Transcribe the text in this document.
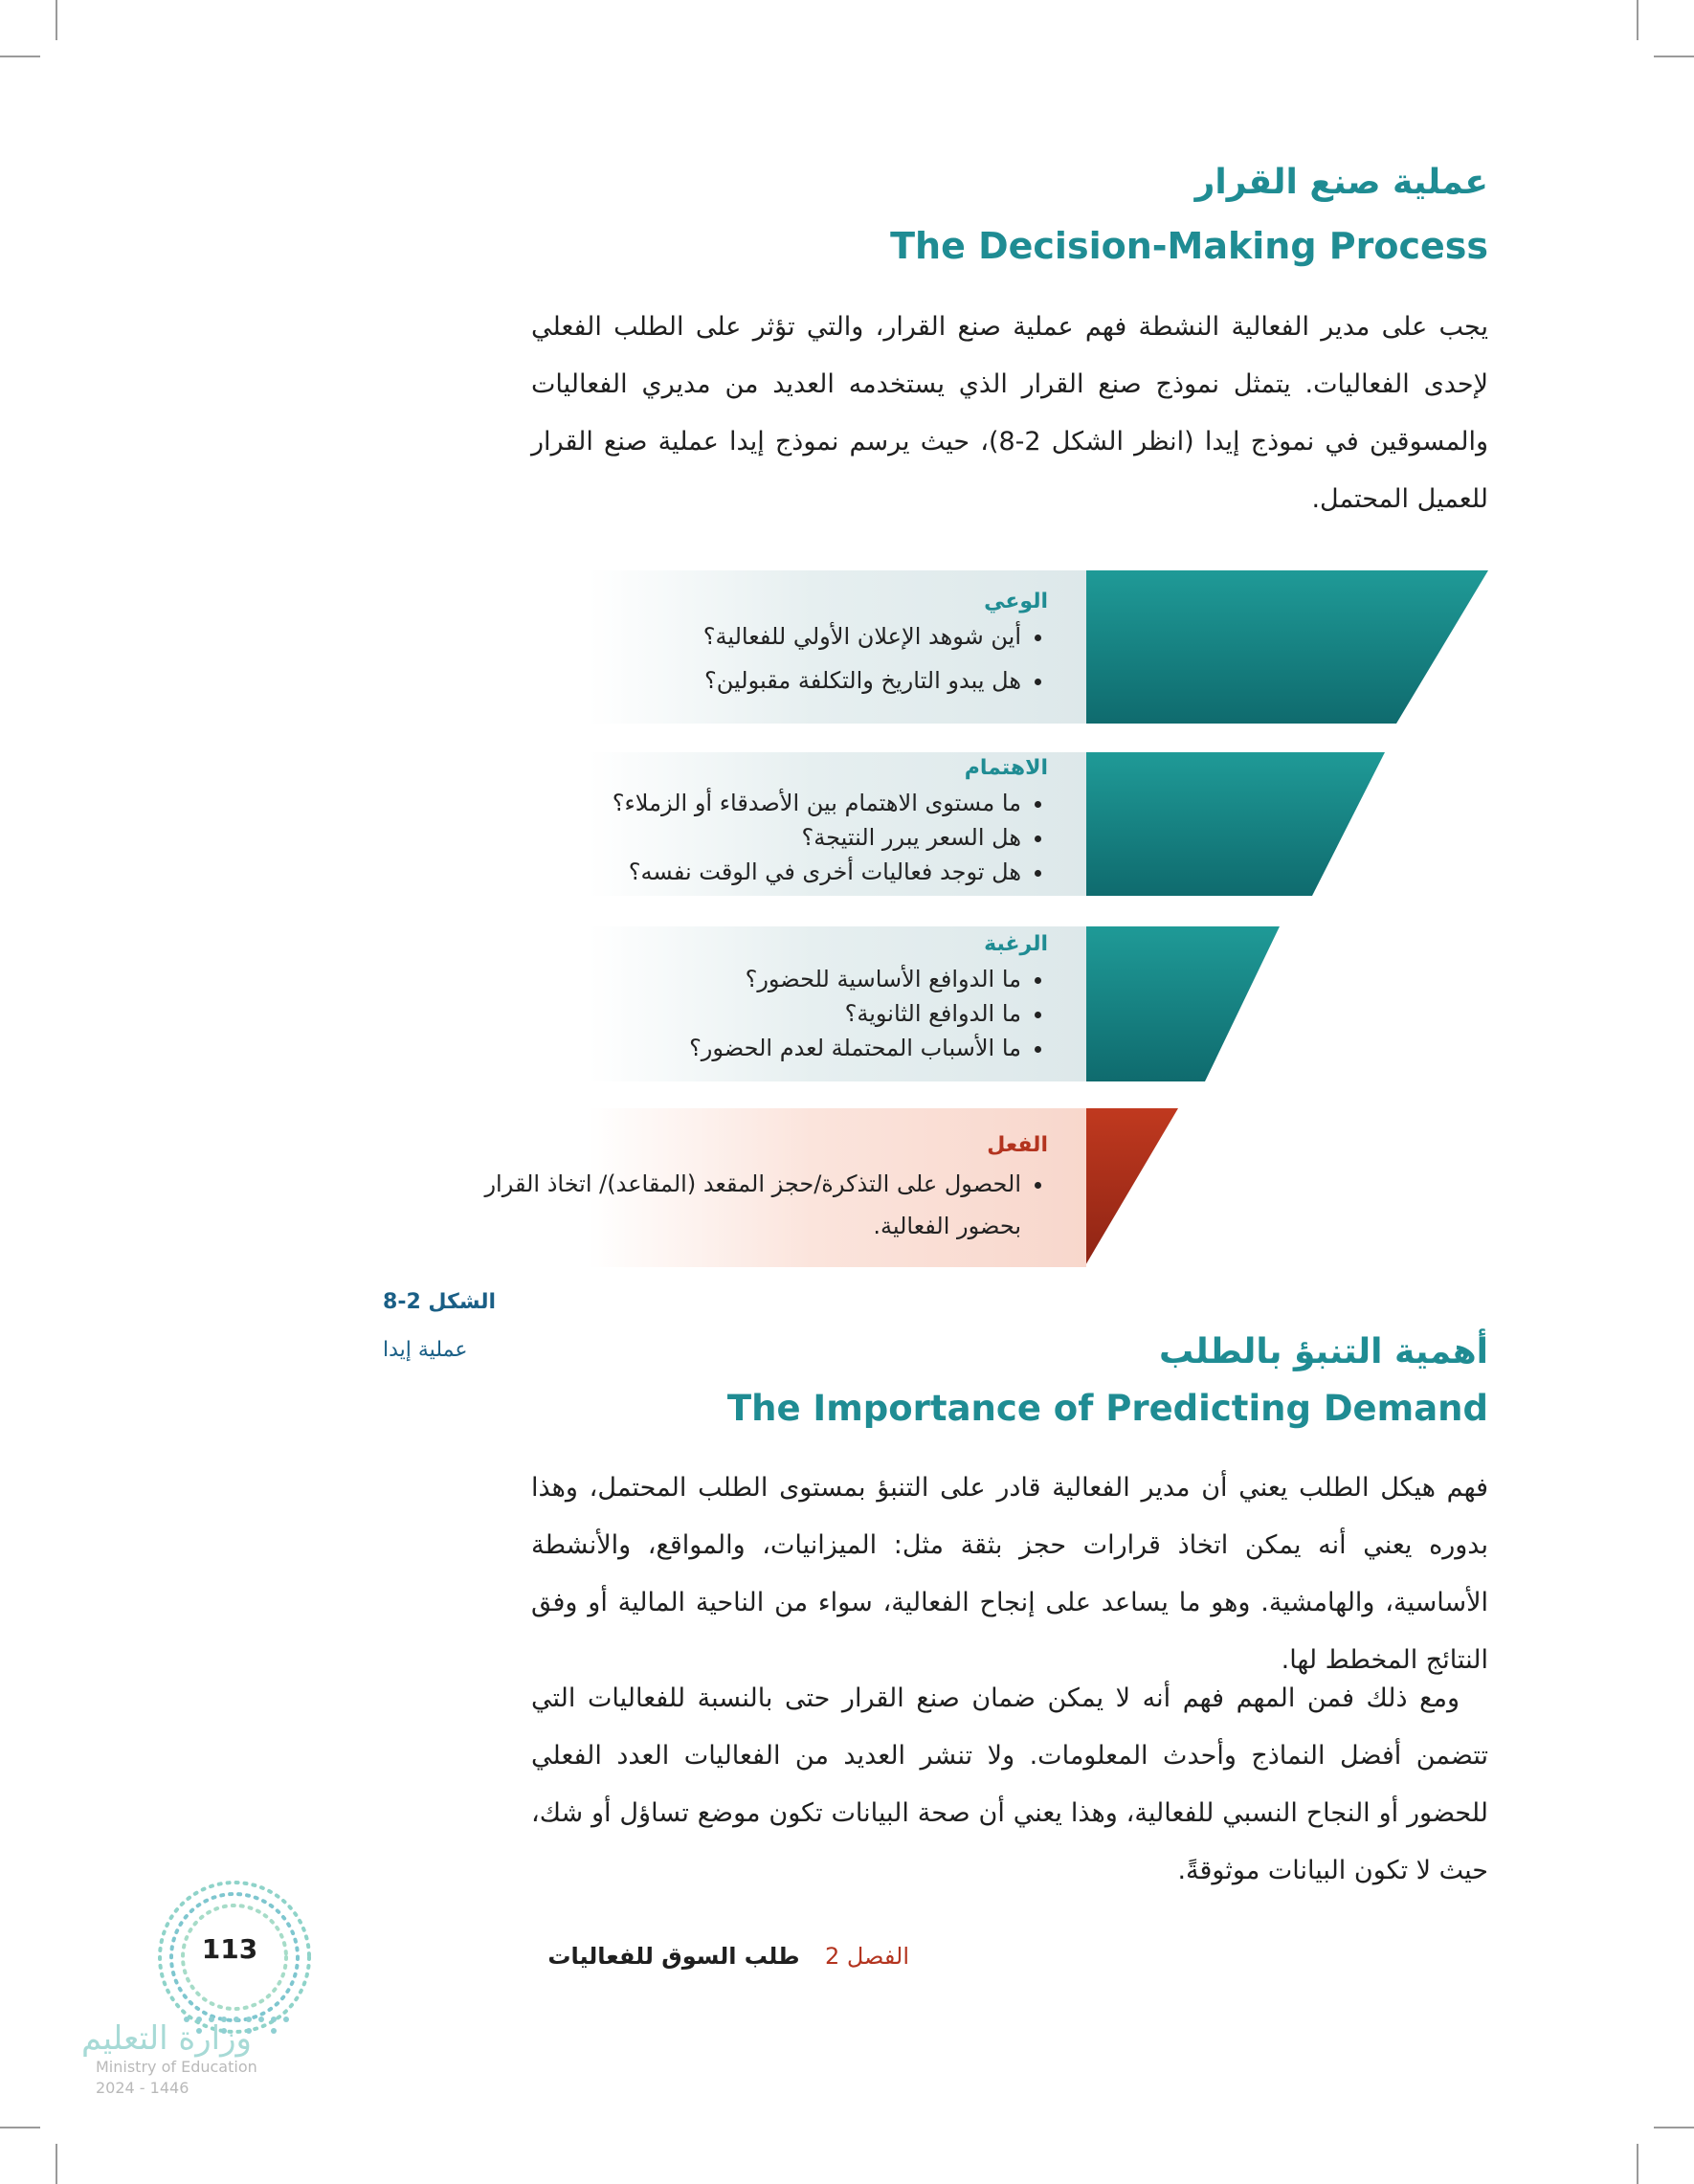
عملية صنع القرار
The Decision-Making Process

يجب على مدير الفعالية النشطة فهم عملية صنع القرار، والتي تؤثر على الطلب الفعلي لإحدى الفعاليات. يتمثل نموذج صنع القرار الذي يستخدمه العديد من مديري الفعاليات والمسوقين في نموذج إيدا (انظر الشكل 2-8)، حيث يرسم نموذج إيدا عملية صنع القرار للعميل المحتمل.

الوعي
• أين شوهد الإعلان الأولي للفعالية؟
• هل يبدو التاريخ والتكلفة مقبولين؟
الاهتمام
• ما مستوى الاهتمام بين الأصدقاء أو الزملاء؟
• هل السعر يبرر النتيجة؟
• هل توجد فعاليات أخرى في الوقت نفسه؟
الرغبة
• ما الدوافع الأساسية للحضور؟
• ما الدوافع الثانوية؟
• ما الأسباب المحتملة لعدم الحضور؟
الفعل
• الحصول على التذكرة/حجز المقعد (المقاعد)/ اتخاذ القرار بحضور الفعالية.
الشكل 2-8
عملية إيدا	أهمية التنبؤ بالطلب
The Importance of Predicting Demand

فهم هيكل الطلب يعني أن مدير الفعالية قادر على التنبؤ بمستوى الطلب المحتمل، وهذا بدوره يعني أنه يمكن اتخاذ قرارات حجز بثقة مثل: الميزانيات، والمواقع، والأنشطة الأساسية، والهامشية. وهو ما يساعد على إنجاح الفعالية، سواء من الناحية المالية أو وفق النتائج المخطط لها.

ومع ذلك فمن المهم فهم أنه لا يمكن ضمان صنع القرار حتى بالنسبة للفعاليات التي تتضمن أفضل النماذج وأحدث المعلومات. ولا تنشر العديد من الفعاليات العدد الفعلي للحضور أو النجاح النسبي للفعالية، وهذا يعني أن صحة البيانات تكون موضع تساؤل أو شك، حيث لا تكون البيانات موثوقةً.

الفصل 2 طلب السوق للفعاليات
113
وزارة التعليم
Ministry of Education
2024 - 1446
